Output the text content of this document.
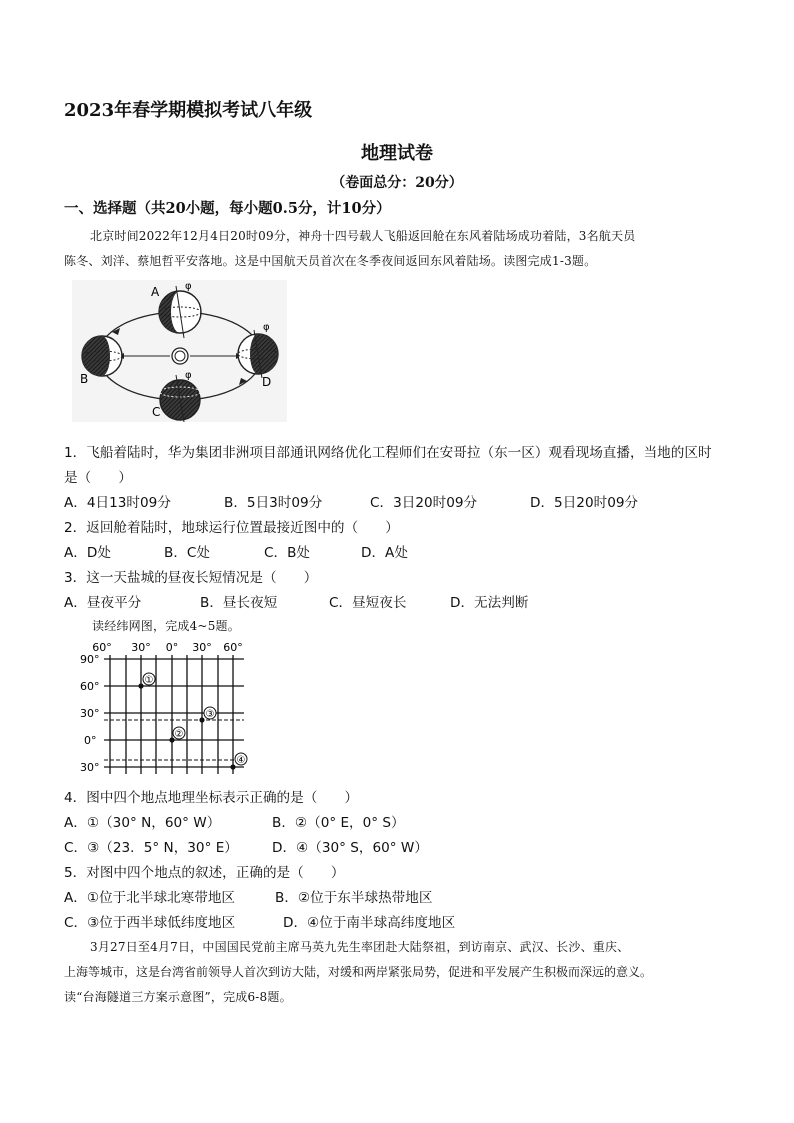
2023年春学期模拟考试八年级
地理试卷
（卷面总分：20分）
一、选择题（共20小题，每小题0.5分，计10分）
北京时间2022年12月4日20时09分，神舟十四号载人飞船返回舱在东风着陆场成功着陆，3名航天员
陈冬、刘洋、蔡旭哲平安落地。这是中国航天员首次在冬季夜间返回东风着陆场。读图完成1-3题。
φ
A
B	φ
C
φ
D
1．飞船着陆时，华为集团非洲项目部通讯网络优化工程师们在安哥拉（东一区）观看现场直播，当地的区时
是（　　）
A．4日13时09分	B．5日3时09分	C．3日20时09分	D．5日20时09分
2．返回舱着陆时，地球运行位置最接近图中的（　　）
A．D处	B．C处	C．B处	D．A处
3．这一天盐城的昼夜长短情况是（　　）
A．昼夜平分	B．昼长夜短	C．昼短夜长	D．无法判断
读经纬网图，完成4~5题。
60° 30° 0° 30° 60°
90°
60°
30°
0°
30°
①
②
③
④
4．图中四个地点地理坐标表示正确的是（　　）
A．①（30° N，60° W）	B．②（0° E，0° S）
C．③（23．5° N，30° E）	D．④（30° S，60° W）
5．对图中四个地点的叙述，正确的是（　　）
A．①位于北半球北寒带地区	B．②位于东半球热带地区
C．③位于西半球低纬度地区	D．④位于南半球高纬度地区
3月27日至4月7日，中国国民党前主席马英九先生率团赴大陆祭祖，到访南京、武汉、长沙、重庆、
上海等城市，这是台湾省前领导人首次到访大陆，对缓和两岸紧张局势，促进和平发展产生积极而深远的意义。
读“台海隧道三方案示意图”，完成6-8题。
